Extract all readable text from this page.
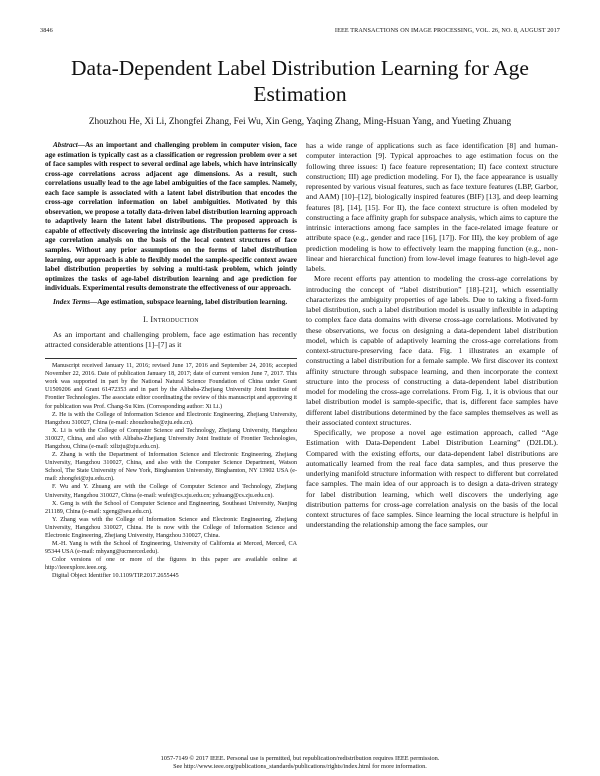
3846	IEEE TRANSACTIONS ON IMAGE PROCESSING, VOL. 26, NO. 8, AUGUST 2017
Data-Dependent Label Distribution Learning for Age Estimation
Zhouzhou He, Xi Li, Zhongfei Zhang, Fei Wu, Xin Geng, Yaqing Zhang, Ming-Hsuan Yang, and Yueting Zhuang

Abstract—As an important and challenging problem in computer vision, face age estimation is typically cast as a classification or regression problem over a set of face samples with respect to several ordinal age labels, which have intrinsically cross-age correlations across adjacent age dimensions. As a result, such correlations usually lead to the age label ambiguities of the face samples. Namely, each face sample is associated with a latent label distribution that encodes the cross-age correlation information on label ambiguities. Motivated by this observation, we propose a totally data-driven label distribution learning approach to adaptively learn the latent label distributions. The proposed approach is capable of effectively discovering the intrinsic age distribution patterns for cross-age correlation analysis on the basis of the local context structures of face samples. Without any prior assumptions on the forms of label distribution learning, our approach is able to flexibly model the sample-specific context aware label distribution properties by solving a multi-task problem, which jointly optimizes the tasks of age-label distribution learning and age prediction for individuals. Experimental results demonstrate the effectiveness of our approach.

Index Terms—Age estimation, subspace learning, label distribution learning.

I. Introduction

As an important and challenging problem, face age estimation has recently attracted considerable attentions [1]–[7] as it

Manuscript received January 11, 2016; revised June 17, 2016 and September 24, 2016; accepted November 22, 2016. Date of publication January 18, 2017; date of current version June 7, 2017. This work was supported in part by the National Natural Science Foundation of China under Grant U1509206 and Grant 61472353 and in part by the Alibaba-Zhejiang University Joint Institute of Frontier Technologies. The associate editor coordinating the review of this manuscript and approving it for publication was Prof. Chang-Su Kim. (Corresponding author: Xi Li.)

Z. He is with the College of Information Science and Electronic Engineering, Zhejiang University, Hangzhou 310027, China (e-mail: zhouzhouhe@zju.edu.cn).

X. Li is with the College of Computer Science and Technology, Zhejiang University, Hangzhou 310027, China, and also with Alibaba-Zhejiang University Joint Institute of Frontier Technologies, Hangzhou, China (e-mail: xilizju@zju.edu.cn).

Z. Zhang is with the Department of Information Science and Electronic Engineering, Zhejiang University, Hangzhou 310027, China, and also with the Computer Science Department, Watson School, The State University of New York, Binghamton University, Binghamton, NY 13902 USA (e-mail: zhongfei@zju.edu.cn).

F. Wu and Y. Zhuang are with the College of Computer Science and Technology, Zhejiang University, Hangzhou 310027, China (e-mail: wufei@cs.zju.edu.cn; yzhuang@cs.zju.edu.cn).

X. Geng is with the School of Computer Science and Engineering, Southeast University, Nanjing 211189, China (e-mail: xgeng@seu.edu.cn).

Y. Zhang was with the College of Information Science and Electronic Engineering, Zhejiang University, Hangzhou 310027, China. He is now with the College of Information Science and Electronic Engineering, Zhejiang University, Hangzhou 310027, China.

M.-H. Yang is with the School of Engineering, University of California at Merced, Merced, CA 95344 USA (e-mail: mhyang@ucmerced.edu).

Color versions of one or more of the figures in this paper are available online at http://ieeexplore.ieee.org.

Digital Object Identifier 10.1109/TIP.2017.2655445

has a wide range of applications such as face identification [8] and human-computer interaction [9]. Typical approaches to age estimation focus on the following three issues: I) face feature representation; II) face context structure construction; III) age prediction modeling. For I), the face appearance is usually represented by various visual features, such as face texture features (LBP, Garbor, and AAM) [10]–[12], biologically inspired features (BIF) [13], and deep learning features [8], [14], [15]. For II), the face context structure is often modeled by constructing a face affinity graph for subspace analysis, which aims to capture the intrinsic interactions among face samples in the face-related image feature or attribute space (e.g., gender and race [16], [17]). For III), the key problem of age prediction modeling is how to effectively learn the mapping function (e.g., non-linear and hierarchical function) from low-level image features to high-level age labels.

More recent efforts pay attention to modeling the cross-age correlations by introducing the concept of “label distribution” [18]–[21], which essentially characterizes the ambiguity properties of age labels. Due to taking a fixed-form label distribution, such a label distribution model is usually inflexible in adapting to complex face data domains with diverse cross-age correlations. Motivated by these observations, we focus on designing a data-dependent label distribution model, which is capable of adaptively learning the cross-age correlations from context-structure-preserving face data. Fig. 1 illustrates an example of constructing a label distribution for a female sample. We first discover its context affinity structure through subspace learning, and then incorporate the context structure into the process of constructing a data-dependent label distribution model for modeling the cross-age correlations. From Fig. 1, it is obvious that our label distribution model is sample-specific, that is, different face samples have different label distributions determined by the face samples themselves as well as their associated context structures.

Specifically, we propose a novel age estimation approach, called “Age Estimation with Data-Dependent Label Distribution Learning” (D2LDL). Compared with the existing efforts, our data-dependent label distributions are automatically learned from the real face data samples, and thus preserve the underlying manifold structure information with respect to different but correlated face samples. The main idea of our approach is to design a data-driven strategy for label distribution learning, which well discovers the underlying age distribution patterns for cross-age correlation analysis on the basis of the local context structures of face samples. Since learning the local structure is helpful in understanding the relationship among the face samples, our

1057-7149 © 2017 IEEE. Personal use is permitted, but republication/redistribution requires IEEE permission.
See http://www.ieee.org/publications_standards/publications/rights/index.html for more information.
